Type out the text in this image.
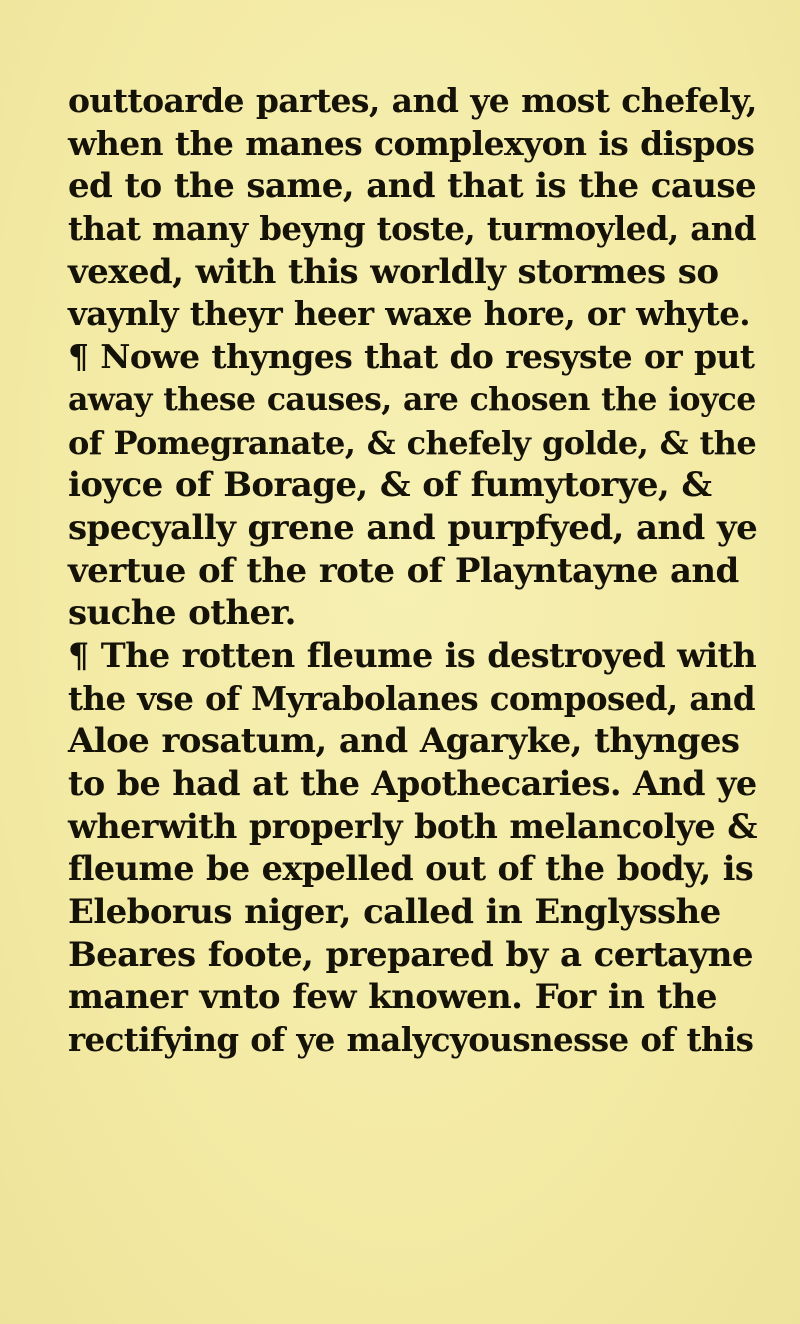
outtoarde partes, and ye most chefely,
when the manes complexyon is dispos
ed to the same, and that is the cause
that many beyng toste, turmoyled, and
vexed, with this worldly stormes so
vaynly theyr heer waxe hore, or whyte.
¶ Nowe thynges that do resyste or put
away these causes, are chosen the ioyce
of Pomegranate, & chefely golde, & the
ioyce of Borage, & of fumytorye, &
specyally grene and purpfyed, and ye
vertue of the rote of Playntayne and
suche other.
¶ The rotten fleume is destroyed with
the vse of Myrabolanes composed, and
Aloe rosatum, and Agaryke, thynges
to be had at the Apothecaries. And ye
wherwith properly both melancolye &
fleume be expelled out of the body, is
Eleborus niger, called in Englysshe
Beares foote, prepared by a certayne
maner vnto few knowen. For in the
rectifying of ye malycyousnesse of this
